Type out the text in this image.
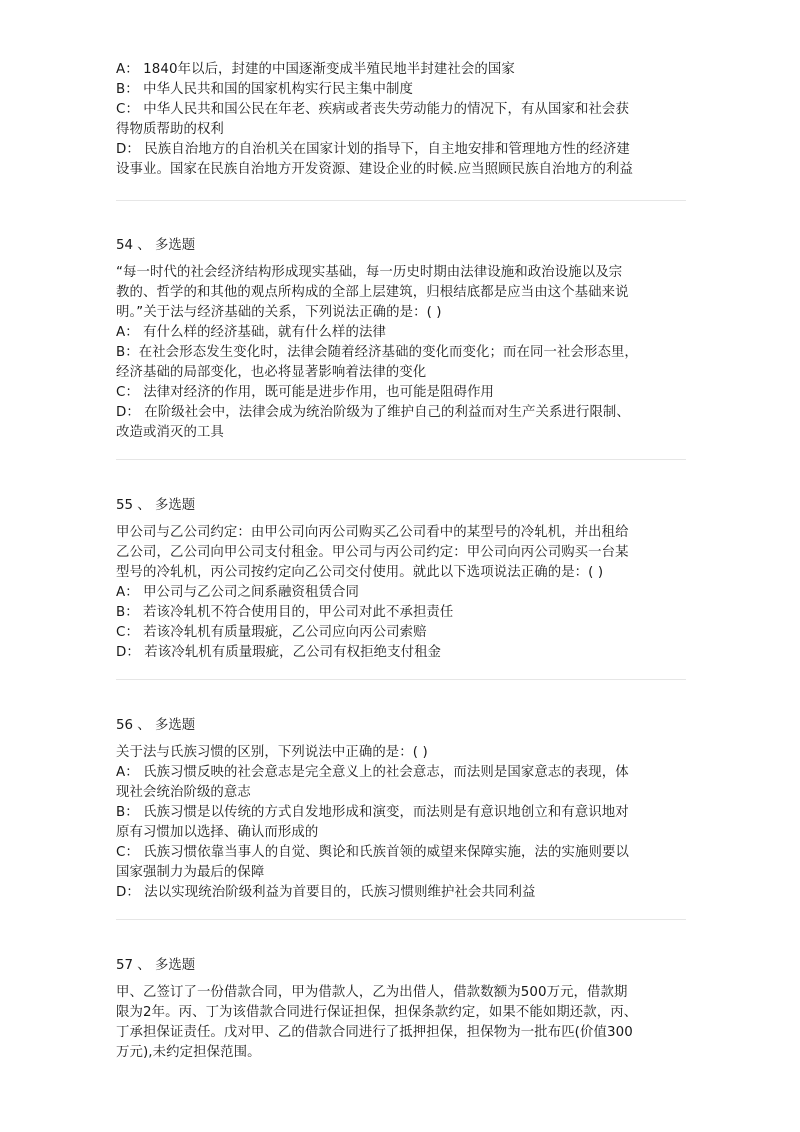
A： 1840年以后，封建的中国逐渐变成半殖民地半封建社会的国家
B： 中华人民共和国的国家机构实行民主集中制度
C： 中华人民共和国公民在年老、疾病或者丧失劳动能力的情况下，有从国家和社会获
得物质帮助的权利
D： 民族自治地方的自治机关在国家计划的指导下，自主地安排和管理地方性的经济建
设事业。国家在民族自治地方开发资源、建设企业的时候.应当照顾民族自治地方的利益
54 、 多选题
“每一时代的社会经济结构形成现实基础，每一历史时期由法律设施和政治设施以及宗
教的、哲学的和其他的观点所构成的全部上层建筑，归根结底都是应当由这个基础来说
明。”关于法与经济基础的关系，下列说法正确的是：( )
A： 有什么样的经济基础，就有什么样的法律
B：在社会形态发生变化时，法律会随着经济基础的变化而变化；而在同一社会形态里，
经济基础的局部变化，也必将显著影响着法律的变化
C： 法律对经济的作用，既可能是进步作用，也可能是阻碍作用
D： 在阶级社会中，法律会成为统治阶级为了维护自己的利益而对生产关系进行限制、
改造或消灭的工具
55 、 多选题
甲公司与乙公司约定：由甲公司向丙公司购买乙公司看中的某型号的冷轧机，并出租给
乙公司，乙公司向甲公司支付租金。甲公司与丙公司约定：甲公司向丙公司购买一台某
型号的冷轧机，丙公司按约定向乙公司交付使用。就此以下选项说法正确的是：( )
A： 甲公司与乙公司之间系融资租赁合同
B： 若该冷轧机不符合使用目的，甲公司对此不承担责任
C： 若该冷轧机有质量瑕疵，乙公司应向丙公司索赔
D： 若该冷轧机有质量瑕疵，乙公司有权拒绝支付租金
56 、 多选题
关于法与氏族习惯的区别，下列说法中正确的是：( )
A： 氏族习惯反映的社会意志是完全意义上的社会意志，而法则是国家意志的表现，体
现社会统治阶级的意志
B： 氏族习惯是以传统的方式自发地形成和演变，而法则是有意识地创立和有意识地对
原有习惯加以选择、确认而形成的
C： 氏族习惯依靠当事人的自觉、舆论和氏族首领的威望来保障实施，法的实施则要以
国家强制力为最后的保障
D： 法以实现统治阶级利益为首要目的，氏族习惯则维护社会共同利益
57 、 多选题
甲、乙签订了一份借款合同，甲为借款人，乙为出借人，借款数额为500万元，借款期
限为2年。丙、丁为该借款合同进行保证担保，担保条款约定，如果不能如期还款，丙、
丁承担保证责任。戊对甲、乙的借款合同进行了抵押担保，担保物为一批布匹(价值300
万元),未约定担保范围。
